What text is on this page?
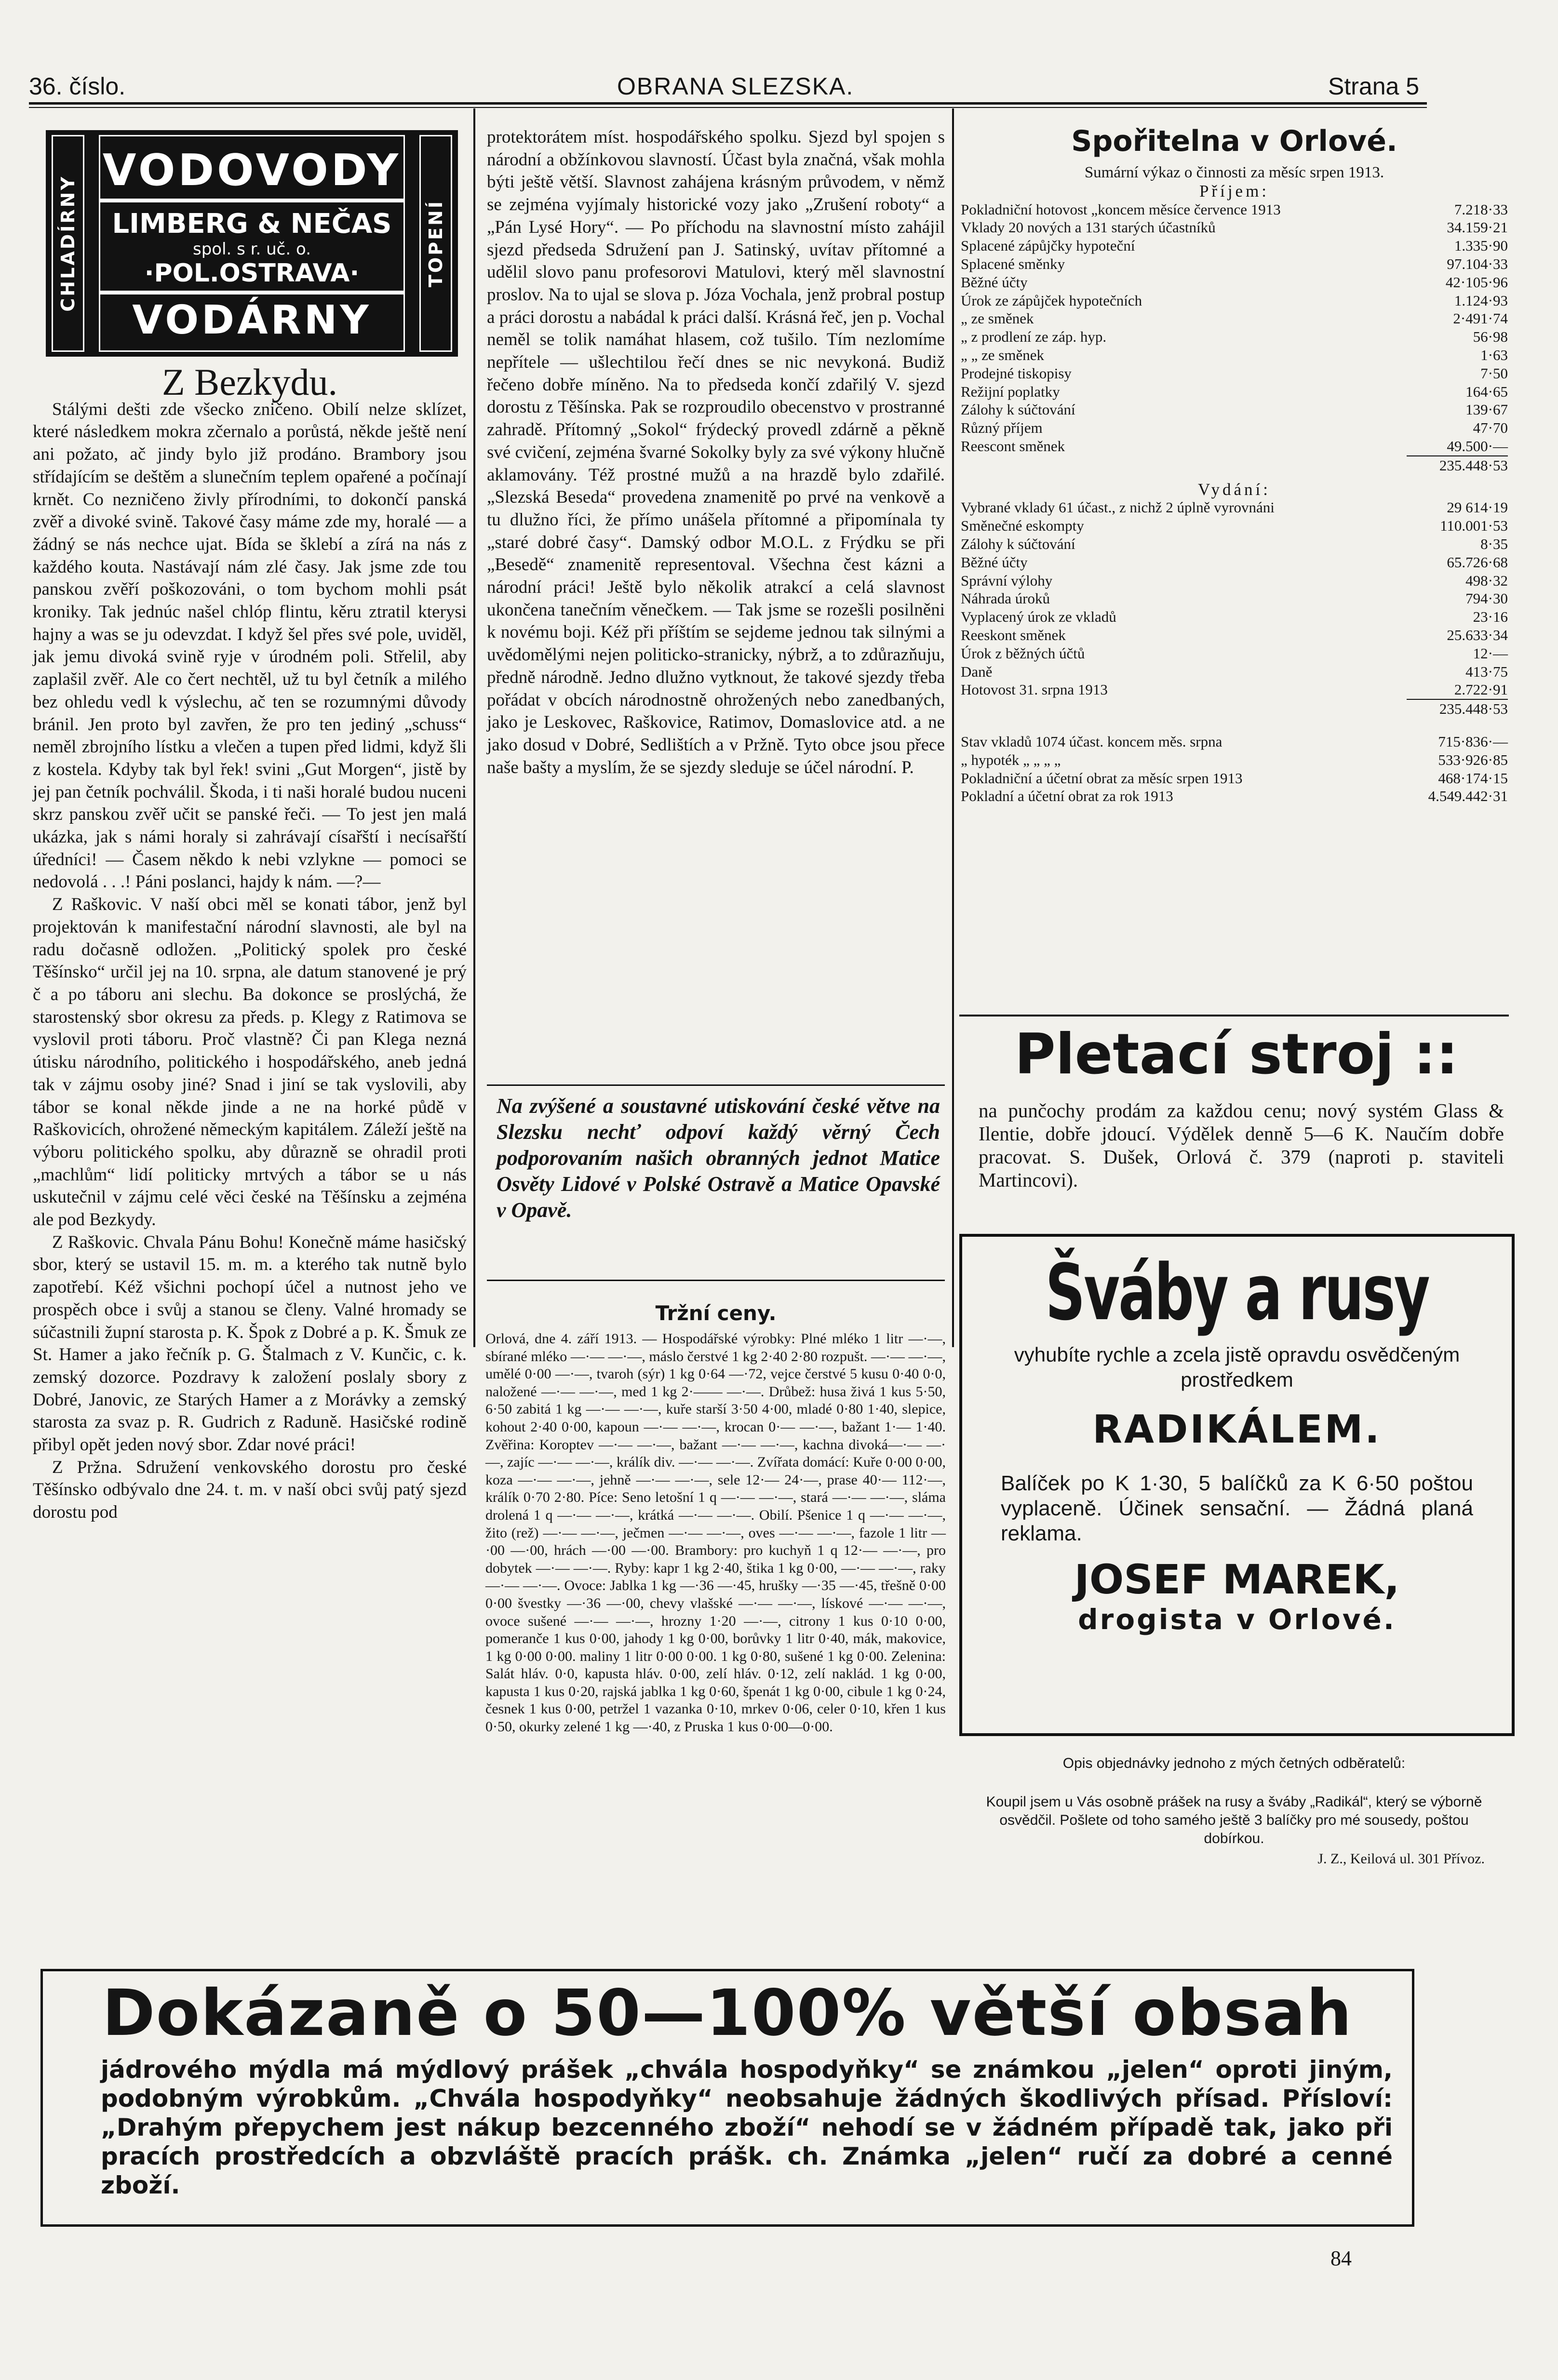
36. číslo.	OBRANA SLEZSKA.	Strana 5
CHLADÍRNY	TOPENÍ
VODOVODY
LIMBERG & NEČAS
spol. s r. uč. o.
·POL.OSTRAVA·
VODÁRNY
Z Bezkydu.

Stálými dešti zde všecko zničeno. Obilí nelze sklízet, které následkem mokra zčernalo a porůstá, někde ještě není ani požato, ač jindy bylo již prodáno. Brambory jsou střídajícím se deštěm a slunečním teplem opařené a počínají krnět. Co nezničeno živly přírodními, to dokončí panská zvěř a divoké svině. Takové časy máme zde my, horalé — a žádný se nás nechce ujat. Bída se šklebí a zírá na nás z každého kouta. Nastávají nám zlé časy. Jak jsme zde tou panskou zvěří poškozováni, o tom bychom mohli psát kroniky. Tak jednúc našel chlóp flintu, kěru ztratil kterysi hajny a was se ju odevzdat. I když šel přes své pole, uviděl, jak jemu divoká svině ryje v úrodném poli. Střelil, aby zaplašil zvěř. Ale co čert nechtěl, už tu byl četník a milého bez ohledu vedl k výslechu, ač ten se rozumnými důvody bránil. Jen proto byl zavřen, že pro ten jediný „schuss“ neměl zbrojního lístku a vlečen a tupen před lidmi, když šli z kostela. Kdyby tak byl řek! svini „Gut Morgen“, jistě by jej pan četník pochválil. Škoda, i ti naši horalé budou nuceni skrz panskou zvěř učit se panské řeči. — To jest jen malá ukázka, jak s námi horaly si zahrávají císařští i necísařští úředníci! — Časem někdo k nebi vzlykne — pomoci se nedovolá . . .! Páni poslanci, hajdy k nám. —?—

Z Raškovic. V naší obci měl se konati tábor, jenž byl projektován k manifestační národní slavnosti, ale byl na radu dočasně odložen. „Politický spolek pro české Těšínsko“ určil jej na 10. srpna, ale datum stanovené je prý č a po táboru ani slechu. Ba dokonce se proslýchá, že starostenský sbor okresu za předs. p. Klegy z Ratimova se vyslovil proti táboru. Proč vlastně? Či pan Klega nezná útisku národního, politického i hospodářského, aneb jedná tak v zájmu osoby jiné? Snad i jiní se tak vyslovili, aby tábor se konal někde jinde a ne na horké půdě v Raškovicích, ohrožené německým kapitálem. Záleží ještě na výboru politického spolku, aby důrazně se ohradil proti „machlům“ lidí politicky mrtvých a tábor se u nás uskutečnil v zájmu celé věci české na Těšínsku a zejména ale pod Bezkydy.

Z Raškovic. Chvala Pánu Bohu! Konečně máme hasičský sbor, který se ustavil 15. m. m. a kterého tak nutně bylo zapotřebí. Kéž všichni pochopí účel a nutnost jeho ve prospěch obce i svůj a stanou se členy. Valné hromady se súčastnili župní starosta p. K. Špok z Dobré a p. K. Šmuk ze St. Hamer a jako řečník p. G. Štalmach z V. Kunčic, c. k. zemský dozorce. Pozdravy k založení poslaly sbory z Dobré, Janovic, ze Starých Hamer a z Morávky a zemský starosta za svaz p. R. Gudrich z Raduně. Hasičské rodině přibyl opět jeden nový sbor. Zdar nové práci!

Z Pržna. Sdružení venkovského dorostu pro české Těšínsko odbývalo dne 24. t. m. v naší obci svůj patý sjezd dorostu pod

protektorátem míst. hospodářského spolku. Sjezd byl spojen s národní a obžínkovou slavností. Účast byla značná, však mohla býti ještě větší. Slavnost zahájena krásným průvodem, v němž se zejména vyjímaly historické vozy jako „Zrušení roboty“ a „Pán Lysé Hory“. — Po příchodu na slavnostní místo zahájil sjezd předseda Sdružení pan J. Satinský, uvítav přítomné a udělil slovo panu profesorovi Matulovi, který měl slavnostní proslov. Na to ujal se slova p. Józa Vochala, jenž probral postup a práci dorostu a nabádal k práci další. Krásná řeč, jen p. Vochal neměl se tolik namáhat hlasem, což tušilo. Tím nezlomíme nepřítele — ušlechtilou řečí dnes se nic nevykoná. Budiž řečeno dobře míněno. Na to předseda končí zdařilý V. sjezd dorostu z Těšínska. Pak se rozproudilo obecenstvo v prostranné zahradě. Přítomný „Sokol“ frýdecký provedl zdárně a pěkně své cvičení, zejména švarné Sokolky byly za své výkony hlučně aklamovány. Též prostné mužů a na hrazdě bylo zdařilé. „Slezská Beseda“ provedena znamenitě po prvé na venkově a tu dlužno říci, že přímo unášela přítomné a připomínala ty „staré dobré časy“. Damský odbor M.O.L. z Frýdku se při „Besedě“ znamenitě representoval. Všechna čest kázni a národní práci! Ještě bylo několik atrakcí a celá slavnost ukončena tanečním věnečkem. — Tak jsme se rozešli posilněni k novému boji. Kéž při příštím se sejdeme jednou tak silnými a uvědomělými nejen politicko-stranicky, nýbrž, a to zdůrazňuju, předně národně. Jedno dlužno vytknout, že takové sjezdy třeba pořádat v obcích národnostně ohrožených nebo zanedbaných, jako je Leskovec, Raškovice, Ratimov, Domaslovice atd. a ne jako dosud v Dobré, Sedlištích a v Pržně. Tyto obce jsou přece naše bašty a myslím, že se sjezdy sleduje se účel národní. P.

Na zvýšené a soustavné utiskování české větve na Slezsku nechť odpoví každý věrný Čech podporovaním našich obranných jednot Matice Osvěty Lidové v Polské Ostravě a Matice Opavské v Opavě.
Tržní ceny.
Orlová, dne 4. září 1913. — Hospodářské výrobky: Plné mléko 1 litr —·—, sbírané mléko —·— —·—, máslo čerstvé 1 kg 2·40 2·80 rozpušt. —·— —·—, umělé 0·00 —·—, tvaroh (sýr) 1 kg 0·64 —·72, vejce čerstvé 5 kusu 0·40 0·0, naložené —·— —·—, med 1 kg 2·—— —·—. Drůbež: husa živá 1 kus 5·50, 6·50 zabitá 1 kg —·— —·—, kuře starší 3·50 4·00, mladé 0·80 1·40, slepice, kohout 2·40 0·00, kapoun —·— —·—, krocan 0·— —·—, bažant 1·— 1·40. Zvěřina: Koroptev —·— —·—, bažant —·— —·—, kachna divoká—·— —·—, zajíc —·— —·—, králík div. —·— —·—. Zvířata domácí: Kuře 0·00 0·00, koza —·— —·—, jehně —·— —·—, sele 12·— 24·—, prase 40·— 112·—, králík 0·70 2·80. Píce: Seno letošní 1 q —·— —·—, stará —·— —·—, sláma drolená 1 q —·— —·—, krátká —·— —·—. Obilí. Pšenice 1 q —·— —·—, žito (rež) —·— —·—, ječmen —·— —·—, oves —·— —·—, fazole 1 litr —·00 —·00, hrách —·00 —·00. Brambory: pro kuchyň 1 q 12·— —·—, pro dobytek —·— —·—. Ryby: kapr 1 kg 2·40, štika 1 kg 0·00, —·— —·—, raky —·— —·—. Ovoce: Jablka 1 kg —·36 —·45, hrušky —·35 —·45, třešně 0·00 0·00 švestky —·36 —·00, chevy vlašské —·— —·—, lískové —·— —·—, ovoce sušené —·— —·—, hrozny 1·20 —·—, citrony 1 kus 0·10 0·00, pomeranče 1 kus 0·00, jahody 1 kg 0·00, borůvky 1 litr 0·40, mák, makovice, 1 kg 0·00 0·00. maliny 1 litr 0·00 0·00. 1 kg 0·80, sušené 1 kg 0·00. Zelenina: Salát hláv. 0·0, kapusta hláv. 0·00, zelí hláv. 0·12, zelí naklád. 1 kg 0·00, kapusta 1 kus 0·20, rajská jablka 1 kg 0·60, špenát 1 kg 0·00, cibule 1 kg 0·24, česnek 1 kus 0·00, petržel 1 vazanka 0·10, mrkev 0·06, celer 0·10, křen 1 kus 0·50, okurky zelené 1 kg —·40, z Pruska 1 kus 0·00—0·00.
Spořitelna v Orlové.
Sumární výkaz o činnosti za měsíc srpen 1913.
Příjem:
Pokladniční hotovost „koncem měsíce července 1913	7.218·33
Vklady 20 nových a 131 starých účastníků	34.159·21
Splacené zápůjčky hypoteční	1.335·90
Splacené směnky	97.104·33
Běžné účty	42·105·96
Úrok ze zápůjček hypotečních	1.124·93
„ ze směnek	2·491·74
„ z prodlení ze záp. hyp.	56·98
„ „ ze směnek	1·63
Prodejné tiskopisy	7·50
Režijní poplatky	164·65
Zálohy k súčtování	139·67
Různý příjem	47·70
Reescont směnek	49.500·—
235.448·53
Vydání:
Vybrané vklady 61 účast., z nichž 2 úplně vyrovnáni	29 614·19
Směnečné eskompty	110.001·53
Zálohy k súčtování	8·35
Běžné účty	65.726·68
Správní výlohy	498·32
Náhrada úroků	794·30
Vyplacený úrok ze vkladů	23·16
Reeskont směnek	25.633·34
Úrok z běžných účtů	12·—
Daně	413·75
Hotovost 31. srpna 1913	2.722·91
235.448·53
Stav vkladů 1074 účast. koncem měs. srpna	715·836·—
„ hypoték „ „ „ „	533·926·85
Pokladniční a účetní obrat za měsíc srpen 1913	468·174·15
Pokladní a účetní obrat za rok 1913	4.549.442·31
Pletací stroj ::
na punčochy prodám za každou cenu; nový systém Glass & Ilentie, dobře jdoucí. Výdělek denně 5—6 K. Naučím dobře pracovat. S. Dušek, Orlová č. 379 (naproti p. staviteli Martincovi).
Šváby a rusy
vyhubíte rychle a zcela jistě opravdu osvědčeným prostředkem
RADIKÁLEM.
Balíček po K 1·30, 5 balíčků za K 6·50 poštou vyplaceně. Účinek sensační. — Žádná planá reklama.
JOSEF MAREK,
drogista v Orlové.
Opis objednávky jednoho z mých četných odběratelů:
Koupil jsem u Vás osobně prášek na rusy a šváby „Radikál“, který se výborně osvědčil. Pošlete od toho samého ještě 3 balíčky pro mé sousedy, poštou dobírkou.
J. Z., Keilová ul. 301 Přívoz.
Dokázaně o 50—100% větší obsah
jádrového mýdla má mýdlový prášek „chvála hospodyňky“ se známkou „jelen“ oproti jiným, podobným výrobkům. „Chvála hospodyňky“ neobsahuje žádných škodlivých přísad. Přísloví: „Drahým přepychem jest nákup bezcenného zboží“ nehodí se v žádném případě tak, jako při pracích prostředcích a obzvláště pracích prášk. ch. Známka „jelen“ ručí za dobré a cenné zboží.
84
